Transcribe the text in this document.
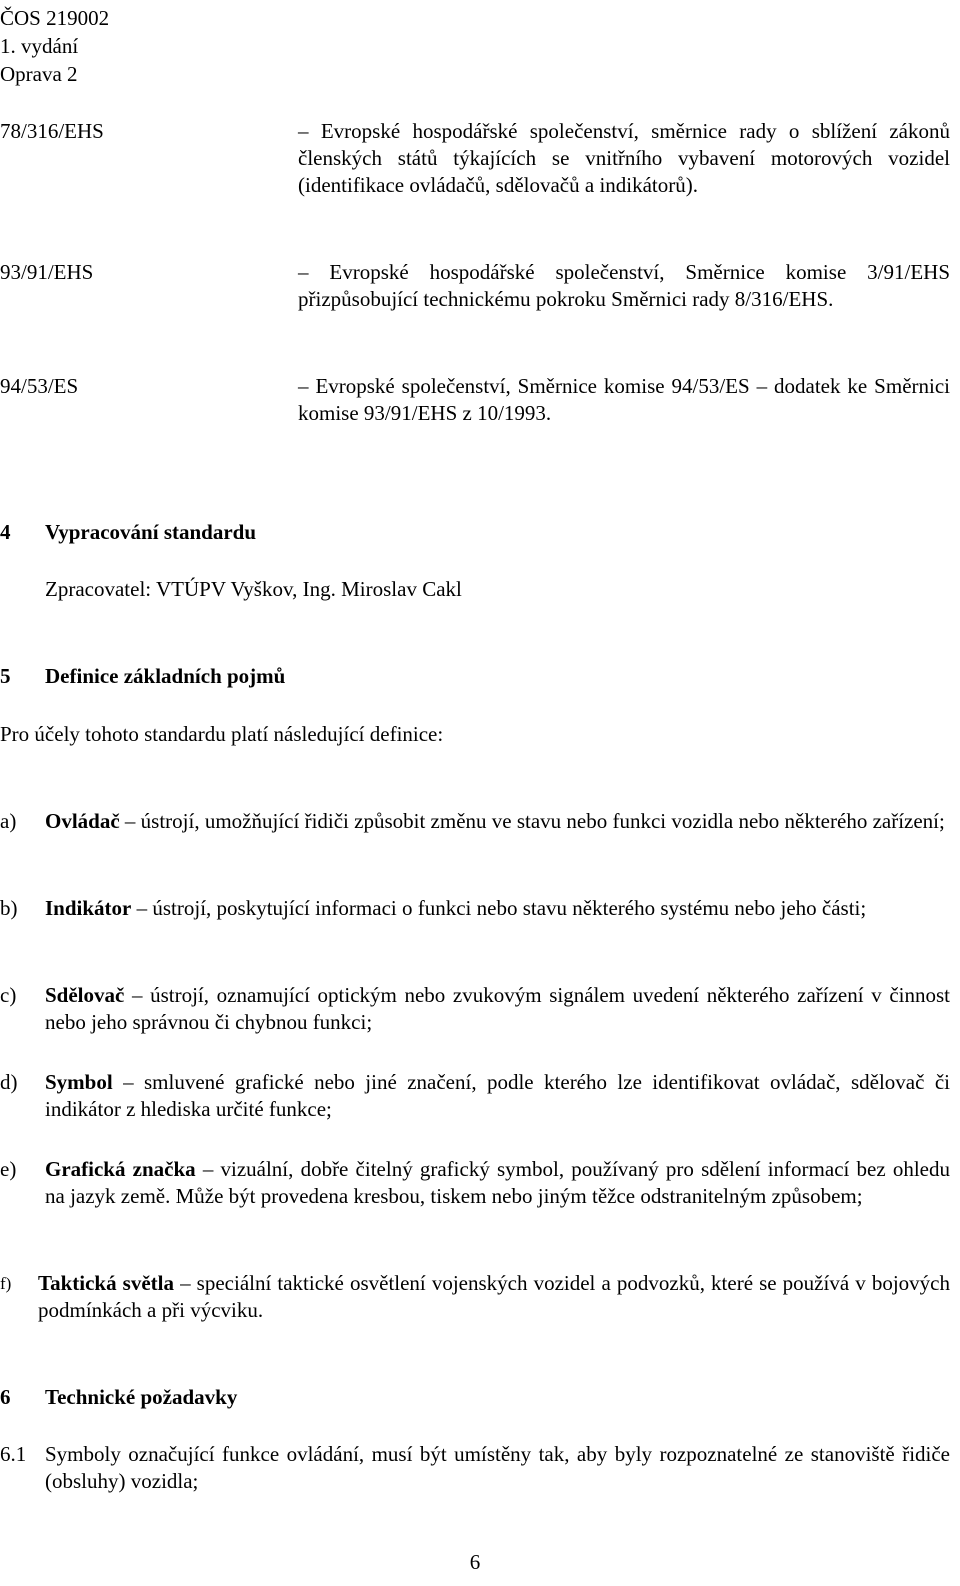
ČOS 219002
1. vydání
Oprava 2
78/316/EHS	– Evropské hospodářské společenství, směrnice rady o sblížení zákonů členských států týkajících se vnitřního vybavení motorových vozidel (identifikace ovládačů, sdělovačů a indikátorů).
93/91/EHS	– Evropské hospodářské společenství, Směrnice komise 3/91/EHS přizpůsobující technickému pokroku Směrnici rady 8/316/EHS.
94/53/ES	– Evropské společenství, Směrnice komise 94/53/ES – dodatek ke Směrnici komise 93/91/EHS z 10/1993.
4 Vypracování standardu
Zpracovatel: VTÚPV Vyškov, Ing. Miroslav Cakl
5 Definice základních pojmů
Pro účely tohoto standardu platí následující definice:
a) Ovládač – ústrojí, umožňující řidiči způsobit změnu ve stavu nebo funkci vozidla nebo některého zařízení;
b) Indikátor – ústrojí, poskytující informaci o funkci nebo stavu některého systému nebo jeho části;
c) Sdělovač – ústrojí, oznamující optickým nebo zvukovým signálem uvedení některého zařízení v činnost nebo jeho správnou či chybnou funkci;
d) Symbol – smluvené grafické nebo jiné značení, podle kterého lze identifikovat ovládač, sdělovač či indikátor z hlediska určité funkce;
e) Grafická značka – vizuální, dobře čitelný grafický symbol, používaný pro sdělení informací bez ohledu na jazyk země. Může být provedena kresbou, tiskem nebo jiným těžce odstranitelným způsobem;
f) Taktická světla – speciální taktické osvětlení vojenských vozidel a podvozků, které se používá v bojových podmínkách a při výcviku.
6 Technické požadavky
6.1 Symboly označující funkce ovládání, musí být umístěny tak, aby byly rozpoznatelné ze stanoviště řidiče (obsluhy) vozidla;
6
